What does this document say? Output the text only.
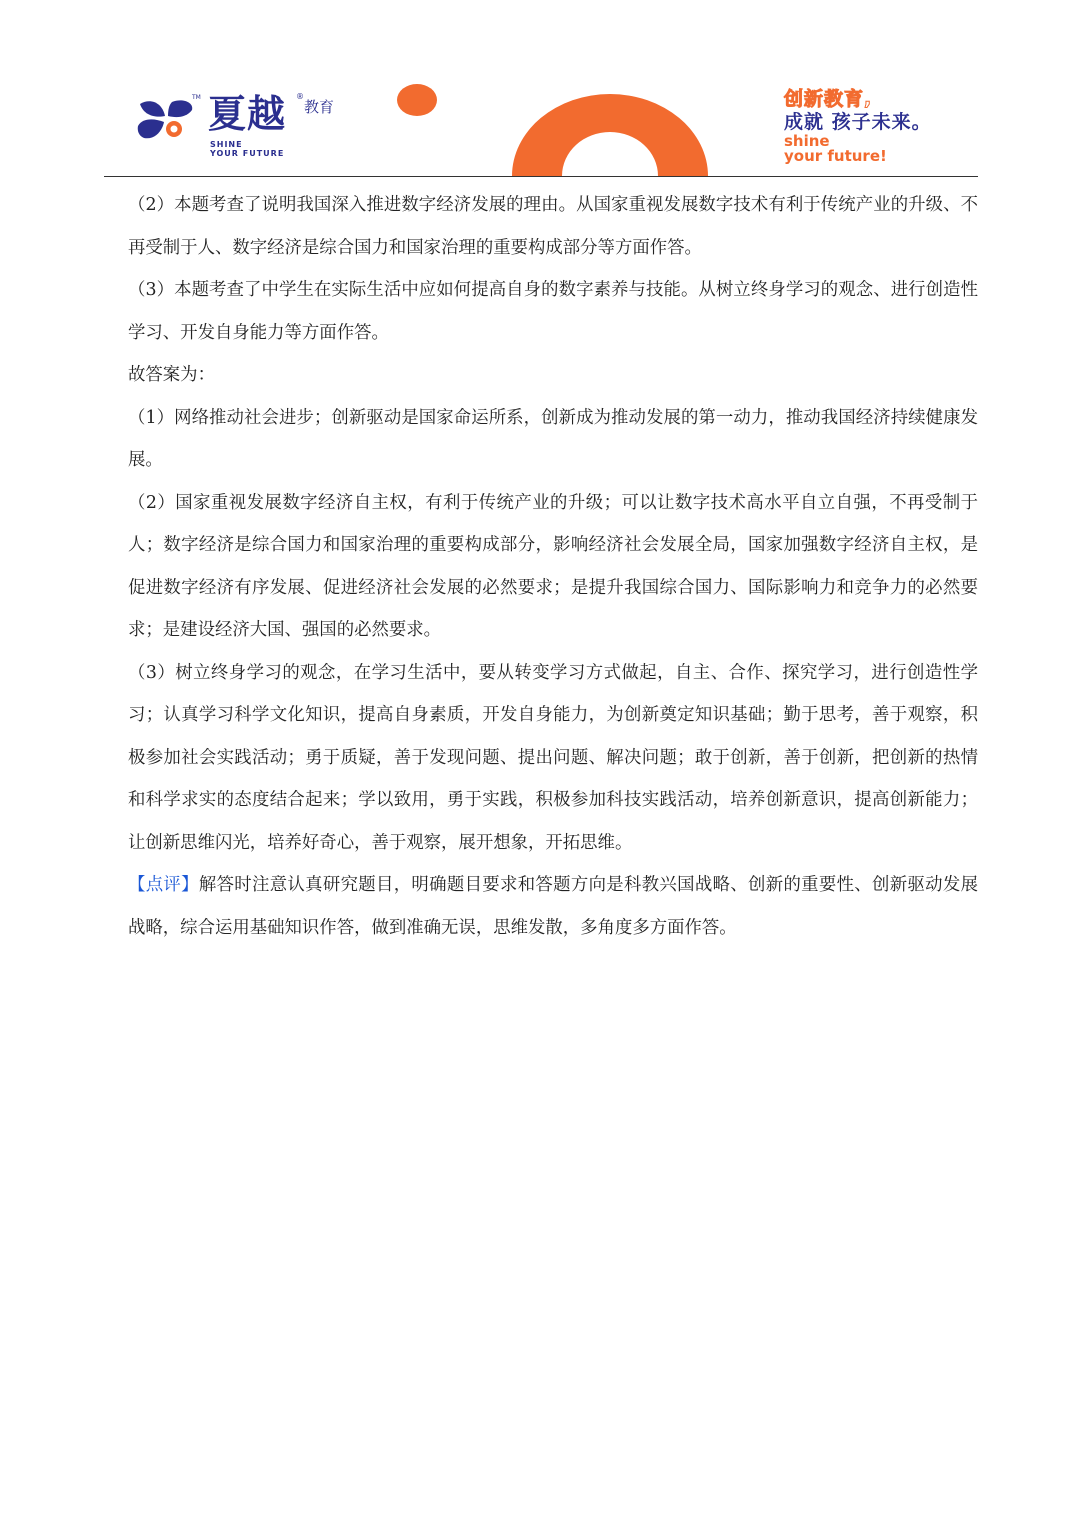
TM 夏越 ®
教育
SHINE
YOUR FUTURE
创新教育,
成就 孩子未来。
shine
your future!

（2）本题考查了说明我国深入推进数字经济发展的理由。从国家重视发展数字技术有利于传统产业的升级、不再受制于人、数字经济是综合国力和国家治理的重要构成部分等方面作答。

（3）本题考查了中学生在实际生活中应如何提高自身的数字素养与技能。从树立终身学习的观念、进行创造性学习、开发自身能力等方面作答。

故答案为：

（1）网络推动社会进步；创新驱动是国家命运所系，创新成为推动发展的第一动力，推动我国经济持续健康发展。

（2）国家重视发展数字经济自主权，有利于传统产业的升级；可以让数字技术高水平自立自强，不再受制于人；数字经济是综合国力和国家治理的重要构成部分，影响经济社会发展全局，国家加强数字经济自主权，是促进数字经济有序发展、促进经济社会发展的必然要求；是提升我国综合国力、国际影响力和竞争力的必然要求；是建设经济大国、强国的必然要求。

（3）树立终身学习的观念，在学习生活中，要从转变学习方式做起，自主、合作、探究学习，进行创造性学习；认真学习科学文化知识，提高自身素质，开发自身能力，为创新奠定知识基础；勤于思考，善于观察，积极参加社会实践活动；勇于质疑，善于发现问题、提出问题、解决问题；敢于创新，善于创新，把创新的热情和科学求实的态度结合起来；学以致用，勇于实践，积极参加科技实践活动，培养创新意识，提高创新能力；让创新思维闪光，培养好奇心，善于观察，展开想象，开拓思维。

【点评】解答时注意认真研究题目，明确题目要求和答题方向是科教兴国战略、创新的重要性、创新驱动发展战略，综合运用基础知识作答，做到准确无误，思维发散，多角度多方面作答。
